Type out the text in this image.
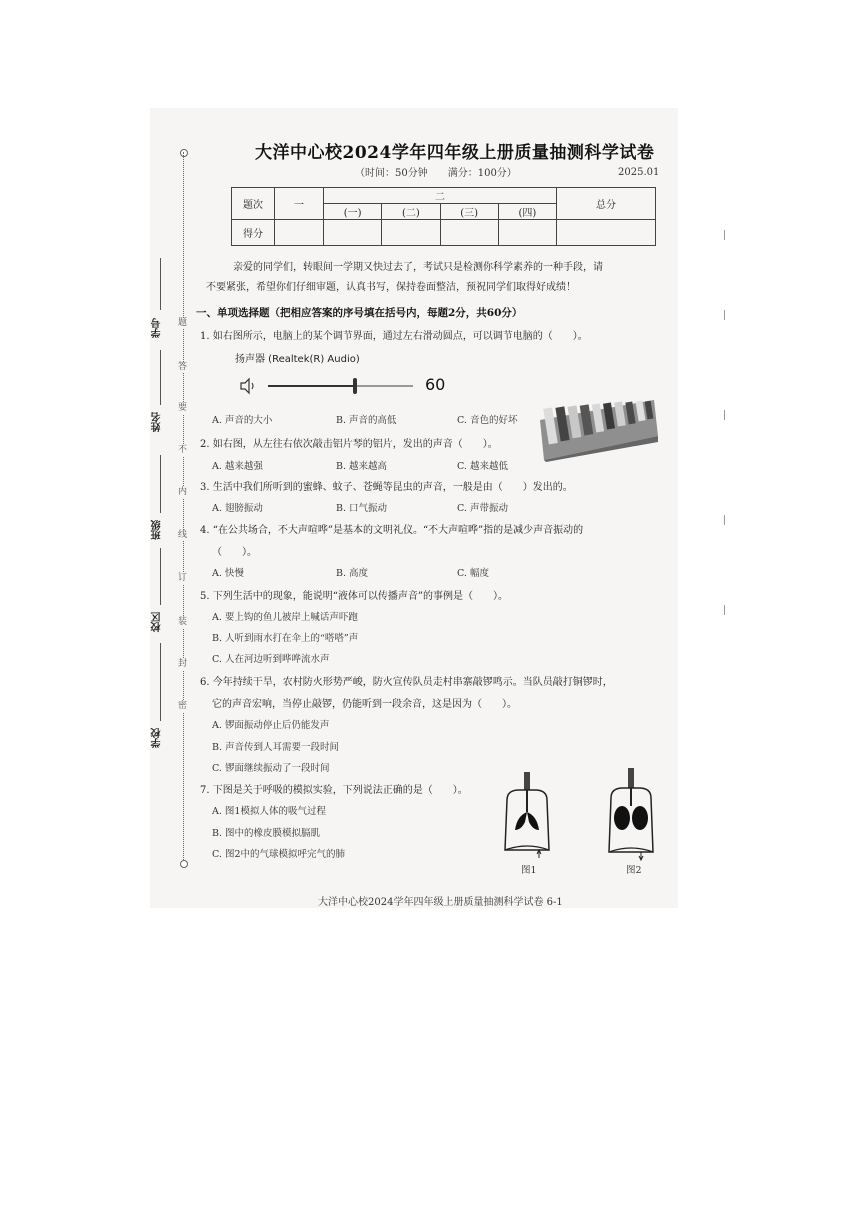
题
答
要
不
内
线
订
装
封
密
学号
姓名
班级
校区
学校
大洋中心校2024学年四年级上册质量抽测科学试卷
（时间：50分钟　　满分：100分）	2025.01
题次	一	二				总分
		(一)	(二)	(三)	(四)	
得分						
亲爱的同学们，转眼间一学期又快过去了，考试只是检测你科学素养的一种手段，请
不要紧张，希望你们仔细审题，认真书写，保持卷面整洁，预祝同学们取得好成绩！
一、单项选择题（把相应答案的序号填在括号内，每题2分，共60分）
1. 如右图所示，电脑上的某个调节界面，通过左右滑动圆点，可以调节电脑的（　　）。
扬声器 (Realtek(R) Audio)
60
A. 声音的大小	B. 声音的高低	C. 音色的好坏
2. 如右图，从左往右依次敲击铝片琴的铝片，发出的声音（　　）。
A. 越来越强	B. 越来越高	C. 越来越低
3. 生活中我们所听到的蜜蜂、蚊子、苍蝇等昆虫的声音，一般是由（　　）发出的。
A. 翅膀振动	B. 口气振动	C. 声带振动
4. “在公共场合，不大声喧哗”是基本的文明礼仪。“不大声喧哗”指的是减少声音振动的
（　　）。
A. 快慢	B. 高度	C. 幅度
5. 下列生活中的现象，能说明“液体可以传播声音”的事例是（　　）。
A. 要上钩的鱼儿被岸上喊话声吓跑
B. 人听到雨水打在伞上的“嗒嗒”声
C. 人在河边听到哗哗流水声
6. 今年持续干旱，农村防火形势严峻，防火宣传队员走村串寨敲锣鸣示。当队员敲打铜锣时，
它的声音宏响，当停止敲锣，仍能听到一段余音，这是因为（　　）。
A. 锣面振动停止后仍能发声
B. 声音传到人耳需要一段时间
C. 锣面继续振动了一段时间
7. 下图是关于呼吸的模拟实验，下列说法正确的是（　　）。
A. 图1模拟人体的吸气过程
B. 图中的橡皮膜模拟膈肌
C. 图2中的气球模拟呼完气的肺
图1	图2
大洋中心校2024学年四年级上册质量抽测科学试卷 6-1
